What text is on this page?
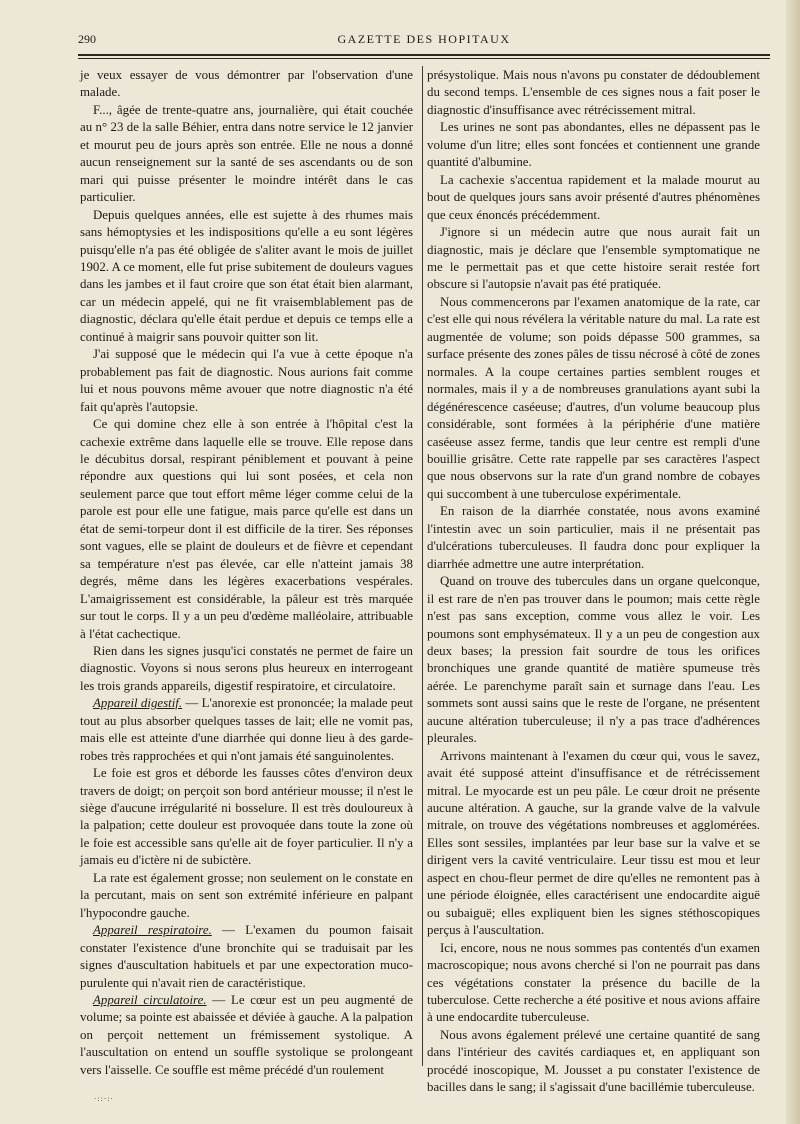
290	GAZETTE DES HOPITAUX

je veux essayer de vous démontrer par l'observation d'une malade.

F..., âgée de trente-quatre ans, journalière, qui était couchée au n° 23 de la salle Béhier, entra dans notre service le 12 janvier et mourut peu de jours après son entrée. Elle ne nous a donné aucun renseignement sur la santé de ses ascendants ou de son mari qui puisse présenter le moindre intérêt dans le cas particulier.

Depuis quelques années, elle est sujette à des rhumes mais sans hémoptysies et les indispositions qu'elle a eu sont légères puisqu'elle n'a pas été obligée de s'aliter avant le mois de juillet 1902. A ce moment, elle fut prise subitement de douleurs vagues dans les jambes et il faut croire que son état était bien alarmant, car un médecin appelé, qui ne fit vraisemblablement pas de diagnostic, déclara qu'elle était perdue et depuis ce temps elle a continué à maigrir sans pouvoir quitter son lit.

J'ai supposé que le médecin qui l'a vue à cette époque n'a probablement pas fait de diagnostic. Nous aurions fait comme lui et nous pouvons même avouer que notre diagnostic n'a été fait qu'après l'autopsie.

Ce qui domine chez elle à son entrée à l'hôpital c'est la cachexie extrême dans laquelle elle se trouve. Elle repose dans le décubitus dorsal, respirant péniblement et pouvant à peine répondre aux questions qui lui sont posées, et cela non seulement parce que tout effort même léger comme celui de la parole est pour elle une fatigue, mais parce qu'elle est dans un état de semi-torpeur dont il est difficile de la tirer. Ses réponses sont vagues, elle se plaint de douleurs et de fièvre et cependant sa température n'est pas élevée, car elle n'atteint jamais 38 degrés, même dans les légères exacerbations vespérales. L'amaigrissement est considérable, la pâleur est très marquée sur tout le corps. Il y a un peu d'œdème malléolaire, attribuable à l'état cachectique.

Rien dans les signes jusqu'ici constatés ne permet de faire un diagnostic. Voyons si nous serons plus heureux en interrogeant les trois grands appareils, digestif respiratoire, et circulatoire.

Appareil digestif. — L'anorexie est prononcée; la malade peut tout au plus absorber quelques tasses de lait; elle ne vomit pas, mais elle est atteinte d'une diarrhée qui donne lieu à des garde-robes très rapprochées et qui n'ont jamais été sanguinolentes.

Le foie est gros et déborde les fausses côtes d'environ deux travers de doigt; on perçoit son bord antérieur mousse; il n'est le siège d'aucune irrégularité ni bosselure. Il est très douloureux à la palpation; cette douleur est provoquée dans toute la zone où le foie est accessible sans qu'elle ait de foyer particulier. Il n'y a jamais eu d'ictère ni de subictère.

La rate est également grosse; non seulement on le constate en la percutant, mais on sent son extrémité inférieure en palpant l'hypocondre gauche.

Appareil respiratoire. — L'examen du poumon faisait constater l'existence d'une bronchite qui se traduisait par les signes d'auscultation habituels et par une expectoration muco-purulente qui n'avait rien de caractéristique.

Appareil circulatoire. — Le cœur est un peu augmenté de volume; sa pointe est abaissée et déviée à gauche. A la palpation on perçoit nettement un frémissement systolique. A l'auscultation on entend un souffle systolique se prolongeant vers l'aisselle. Ce souffle est même précédé d'un roulement

présystolique. Mais nous n'avons pu constater de dédoublement du second temps. L'ensemble de ces signes nous a fait poser le diagnostic d'insuffisance avec rétrécissement mitral.

Les urines ne sont pas abondantes, elles ne dépassent pas le volume d'un litre; elles sont foncées et contiennent une grande quantité d'albumine.

La cachexie s'accentua rapidement et la malade mourut au bout de quelques jours sans avoir présenté d'autres phénomènes que ceux énoncés précédemment.

J'ignore si un médecin autre que nous aurait fait un diagnostic, mais je déclare que l'ensemble symptomatique ne me le permettait pas et que cette histoire serait restée fort obscure si l'autopsie n'avait pas été pratiquée.

Nous commencerons par l'examen anatomique de la rate, car c'est elle qui nous révélera la véritable nature du mal. La rate est augmentée de volume; son poids dépasse 500 grammes, sa surface présente des zones pâles de tissu nécrosé à côté de zones normales. A la coupe certaines parties semblent rouges et normales, mais il y a de nombreuses granulations ayant subi la dégénérescence caséeuse; d'autres, d'un volume beaucoup plus considérable, sont formées à la périphérie d'une matière caséeuse assez ferme, tandis que leur centre est rempli d'une bouillie grisâtre. Cette rate rappelle par ses caractères l'aspect que nous observons sur la rate d'un grand nombre de cobayes qui succombent à une tuberculose expérimentale.

En raison de la diarrhée constatée, nous avons examiné l'intestin avec un soin particulier, mais il ne présentait pas d'ulcérations tuberculeuses. Il faudra donc pour expliquer la diarrhée admettre une autre interprétation.

Quand on trouve des tubercules dans un organe quelconque, il est rare de n'en pas trouver dans le poumon; mais cette règle n'est pas sans exception, comme vous allez le voir. Les poumons sont emphysémateux. Il y a un peu de congestion aux deux bases; la pression fait sourdre de tous les orifices bronchiques une grande quantité de matière spumeuse très aérée. Le parenchyme paraît sain et surnage dans l'eau. Les sommets sont aussi sains que le reste de l'organe, ne présentent aucune altération tuberculeuse; il n'y a pas trace d'adhérences pleurales.

Arrivons maintenant à l'examen du cœur qui, vous le savez, avait été supposé atteint d'insuffisance et de rétrécissement mitral. Le myocarde est un peu pâle. Le cœur droit ne présente aucune altération. A gauche, sur la grande valve de la valvule mitrale, on trouve des végétations nombreuses et agglomérées. Elles sont sessiles, implantées par leur base sur la valve et se dirigent vers la cavité ventriculaire. Leur tissu est mou et leur aspect en chou-fleur permet de dire qu'elles ne remontent pas à une période éloignée, elles caractérisent une endocardite aiguë ou subaiguë; elles expliquent bien les signes stéthoscopiques perçus à l'auscultation.

Ici, encore, nous ne nous sommes pas contentés d'un examen macroscopique; nous avons cherché si l'on ne pourrait pas dans ces végétations constater la présence du bacille de la tuberculose. Cette recherche a été positive et nous avions affaire à une endocardite tuberculeuse.

Nous avons également prélevé une certaine quantité de sang dans l'intérieur des cavités cardiaques et, en appliquant son procédé inoscopique, M. Jousset a pu constater l'existence de bacilles dans le sang; il s'agissait d'une bacillémie tuberculeuse.

·::·:·
